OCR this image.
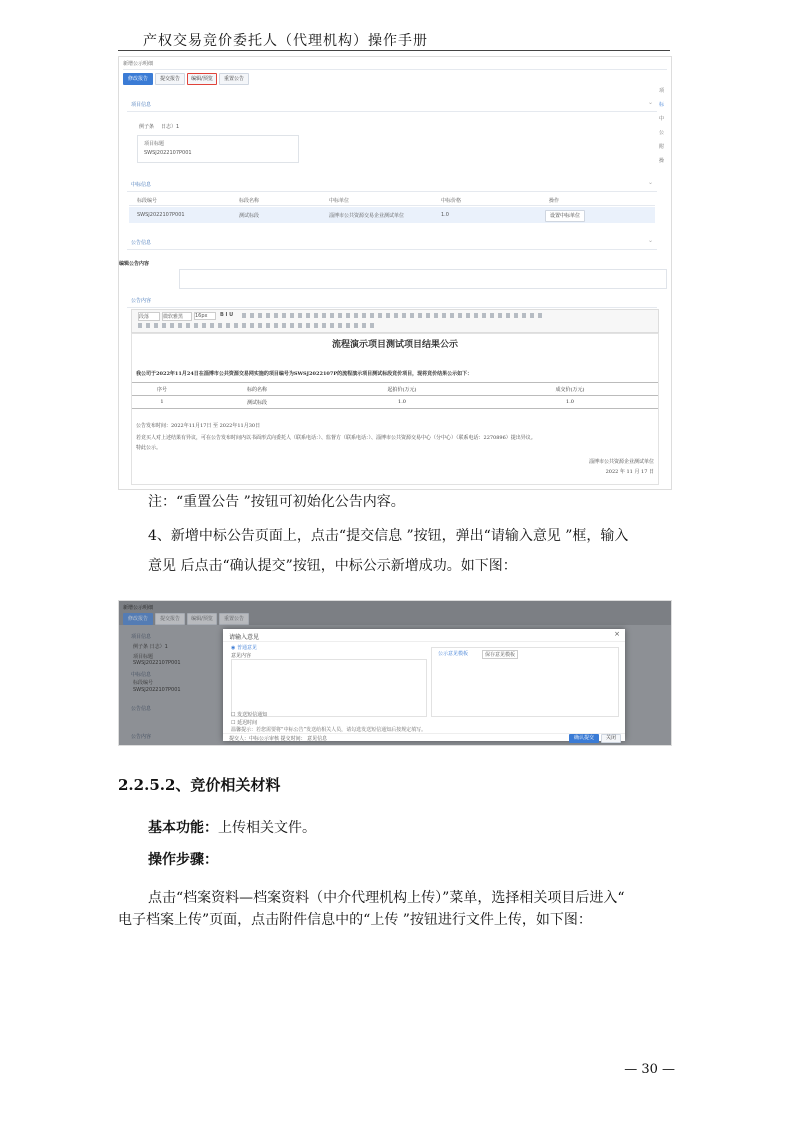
产权交易竞价委托人（代理机构）操作手册
新增公示明细
修改报告	提交报告	编辑/预览	重置公告
项
标
中
公
附
操
项目信息	⌄
例子条 日志）1
项目标题
SWSJ2022107P001
中标信息	⌄
标段编号	标段名称	中标单位	中标价格	操作
SWSJ2022107P001	测试标段	淄博市公共资源交易企业测试单位	1.0	设置中标单位
公告信息	⌄
编辑公告内容
公告内容
段落	微软雅黑	16px	B I U
流程演示项目测试项目结果公示
我公司于2022年11月24日在淄博市公共资源交易网实施的项目编号为SWSJ2022107P的流程演示项目测试标段竞价项目，现将竞价结果公示如下：
序号	标的名称	起拍价(万元)	成交价(万元)
1	测试标段	1.0	1.0
公告发布时间：2022年11月17日 至 2022年11月30日
若竞买人对上述结果有异议，可在公告发布时间内以书面形式向委托人（联系电话：）、监督方（联系电话：）、淄博市公共资源交易中心（分中心）（联系电话：2270896）提出异议。
特此公示。
淄博市公共资源企业测试单位
2022 年 11 月 17 日
注：“重置公告 ”按钮可初始化公告内容。
4、新增中标公告页面上，点击“提交信息 ”按钮，弹出“请输入意见 ”框，输入
意见 后点击“确认提交”按钮，中标公示新增成功。如下图：
新增公示明细
修改报告	提交报告	编辑/预览	重置公告
项目信息
例子条 日志）1
项目标题
SWSJ2022107P001
中标信息
标段编号
SWSJ2022107P001
公告信息
公告内容
请输入意见	×
◉ 普通意见
意见内容	公示意见模板	保存意见模板
☐ 发送短信通知
☐ 延迟时间
温馨提示：若您需要将“中标公告”发送给相关人员，请勾选发送短信通知后按规定填写。
提交人：中标公示审核 提交时间： 意见信息	确认提交	关闭
2.2.5.2、竞价相关材料
基本功能：上传相关文件。
操作步骤：
点击“档案资料—档案资料（中介代理机构上传）”菜单，选择相关项目后进入“
电子档案上传”页面，点击附件信息中的“上传 ”按钮进行文件上传，如下图：
— 30 —
